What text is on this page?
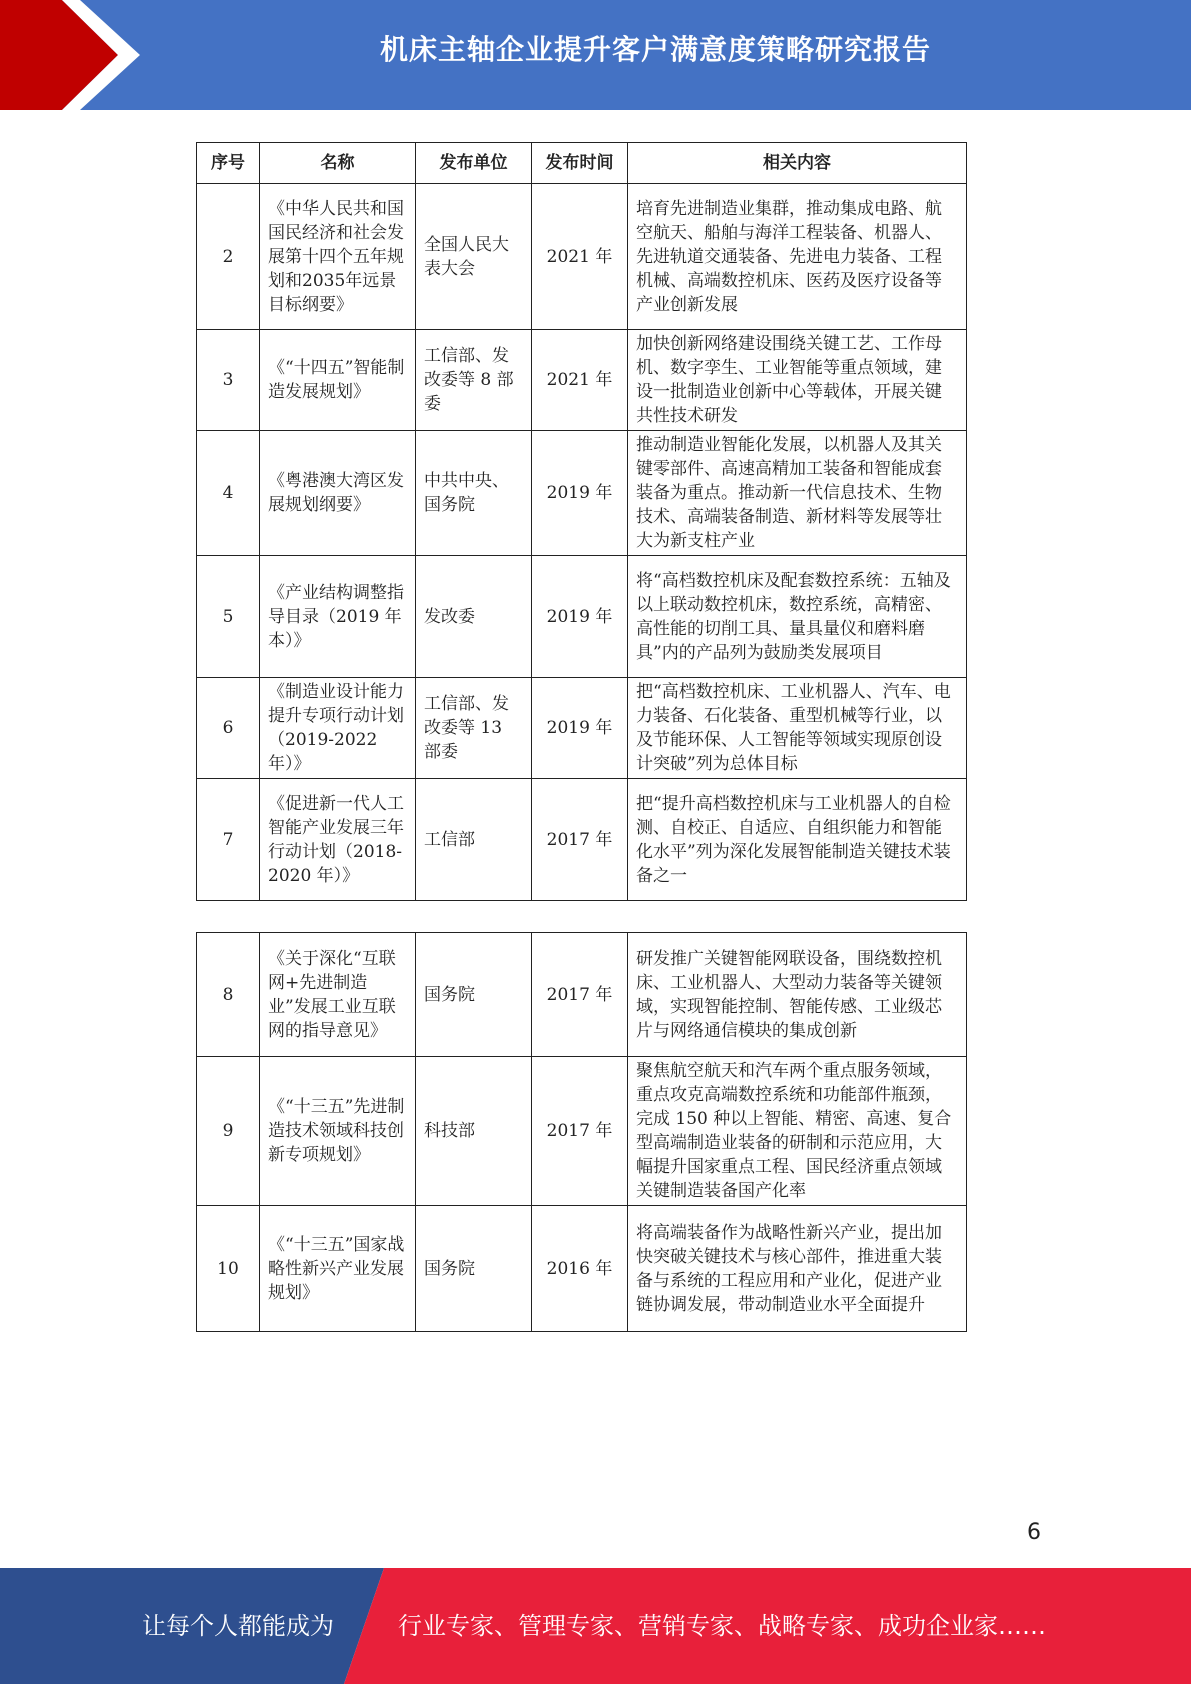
机床主轴企业提升客户满意度策略研究报告
序号	名称	发布单位	发布时间	相关内容
2	《中华人民共和国国民经济和社会发展第十四个五年规划和2035年远景目标纲要》	全国人民大表大会	2021 年	培育先进制造业集群，推动集成电路、航空航天、船舶与海洋工程装备、机器人、先进轨道交通装备、先进电力装备、工程机械、高端数控机床、医药及医疗设备等产业创新发展
3	《“十四五”智能制造发展规划》	工信部、发改委等 8 部委	2021 年	加快创新网络建设围绕关键工艺、工作母机、数字孪生、工业智能等重点领域，建设一批制造业创新中心等载体，开展关键共性技术研发
4	《粤港澳大湾区发展规划纲要》	中共中央、国务院	2019 年	推动制造业智能化发展，以机器人及其关键零部件、高速高精加工装备和智能成套装备为重点。推动新一代信息技术、生物技术、高端装备制造、新材料等发展等壮大为新支柱产业
5	《产业结构调整指导目录（2019 年本）》	发改委	2019 年	将“高档数控机床及配套数控系统：五轴及以上联动数控机床，数控系统，高精密、高性能的切削工具、量具量仪和磨料磨具”内的产品列为鼓励类发展项目
6	《制造业设计能力提升专项行动计划（2019-2022 年）》	工信部、发改委等 13 部委	2019 年	把“高档数控机床、工业机器人、汽车、电力装备、石化装备、重型机械等行业，以及节能环保、人工智能等领域实现原创设计突破”列为总体目标
7	《促进新一代人工智能产业发展三年行动计划（2018-2020 年）》	工信部	2017 年	把“提升高档数控机床与工业机器人的自检测、自校正、自适应、自组织能力和智能化水平”列为深化发展智能制造关键技术装备之一
8	《关于深化“互联网+先进制造业”发展工业互联网的指导意见》	国务院	2017 年	研发推广关键智能网联设备，围绕数控机床、工业机器人、大型动力装备等关键领域，实现智能控制、智能传感、工业级芯片与网络通信模块的集成创新
9	《“十三五”先进制造技术领域科技创新专项规划》	科技部	2017 年	聚焦航空航天和汽车两个重点服务领域，重点攻克高端数控系统和功能部件瓶颈，完成 150 种以上智能、精密、高速、复合型高端制造业装备的研制和示范应用，大幅提升国家重点工程、国民经济重点领域关键制造装备国产化率
10	《“十三五”国家战略性新兴产业发展规划》	国务院	2016 年	将高端装备作为战略性新兴产业，提出加快突破关键技术与核心部件，推进重大装备与系统的工程应用和产业化，促进产业链协调发展，带动制造业水平全面提升
6
让每个人都能成为	行业专家、管理专家、营销专家、战略专家、成功企业家……
